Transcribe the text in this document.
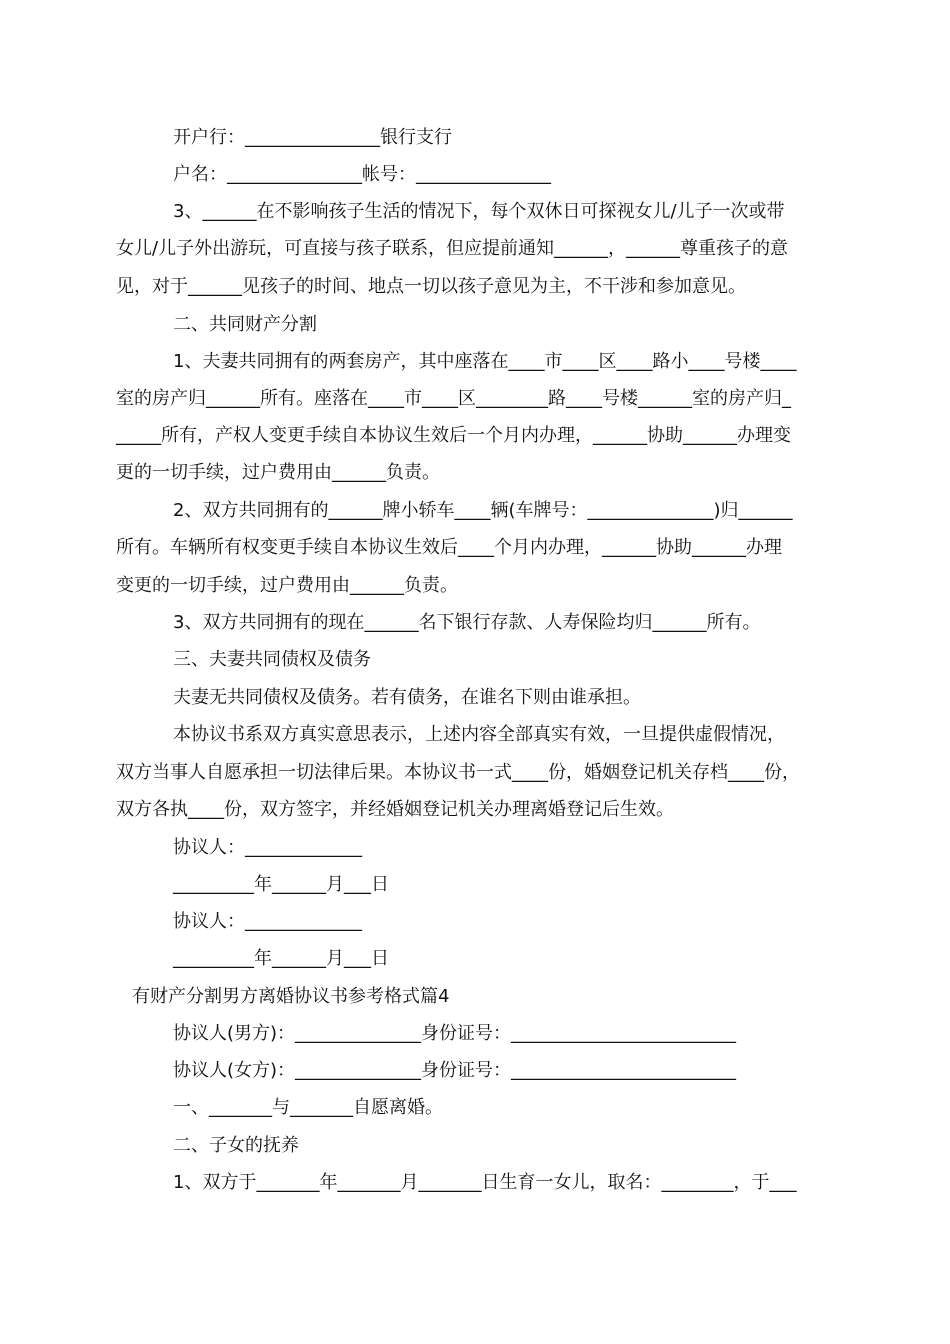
开户行：_______________银行支行
户名：_______________帐号：_______________
3、______在不影响孩子生活的情况下，每个双休日可探视女儿/儿子一次或带
女儿/儿子外出游玩，可直接与孩子联系，但应提前通知______，______尊重孩子的意
见，对于______见孩子的时间、地点一切以孩子意见为主，不干涉和参加意见。
二、共同财产分割
1、夫妻共同拥有的两套房产，其中座落在____市____区____路小____号楼____
室的房产归______所有。座落在____市____区________路____号楼______室的房产归_
_____所有，产权人变更手续自本协议生效后一个月内办理，______协助______办理变
更的一切手续，过户费用由______负责。
2、双方共同拥有的______牌小轿车____辆(车牌号：______________)归______
所有。车辆所有权变更手续自本协议生效后____个月内办理，______协助______办理
变更的一切手续，过户费用由______负责。
3、双方共同拥有的现在______名下银行存款、人寿保险均归______所有。
三、夫妻共同债权及债务
夫妻无共同债权及债务。若有债务，在谁名下则由谁承担。
本协议书系双方真实意思表示，上述内容全部真实有效，一旦提供虚假情况，
双方当事人自愿承担一切法律后果。本协议书一式____份，婚姻登记机关存档____份，
双方各执____份，双方签字，并经婚姻登记机关办理离婚登记后生效。
协议人：_____________
_________年______月___日
协议人：_____________
_________年______月___日
有财产分割男方离婚协议书参考格式篇4
协议人(男方)：______________身份证号：_________________________
协议人(女方)：______________身份证号：_________________________
一、_______与_______自愿离婚。
二、子女的抚养
1、双方于_______年_______月_______日生育一女儿，取名：________，于___
